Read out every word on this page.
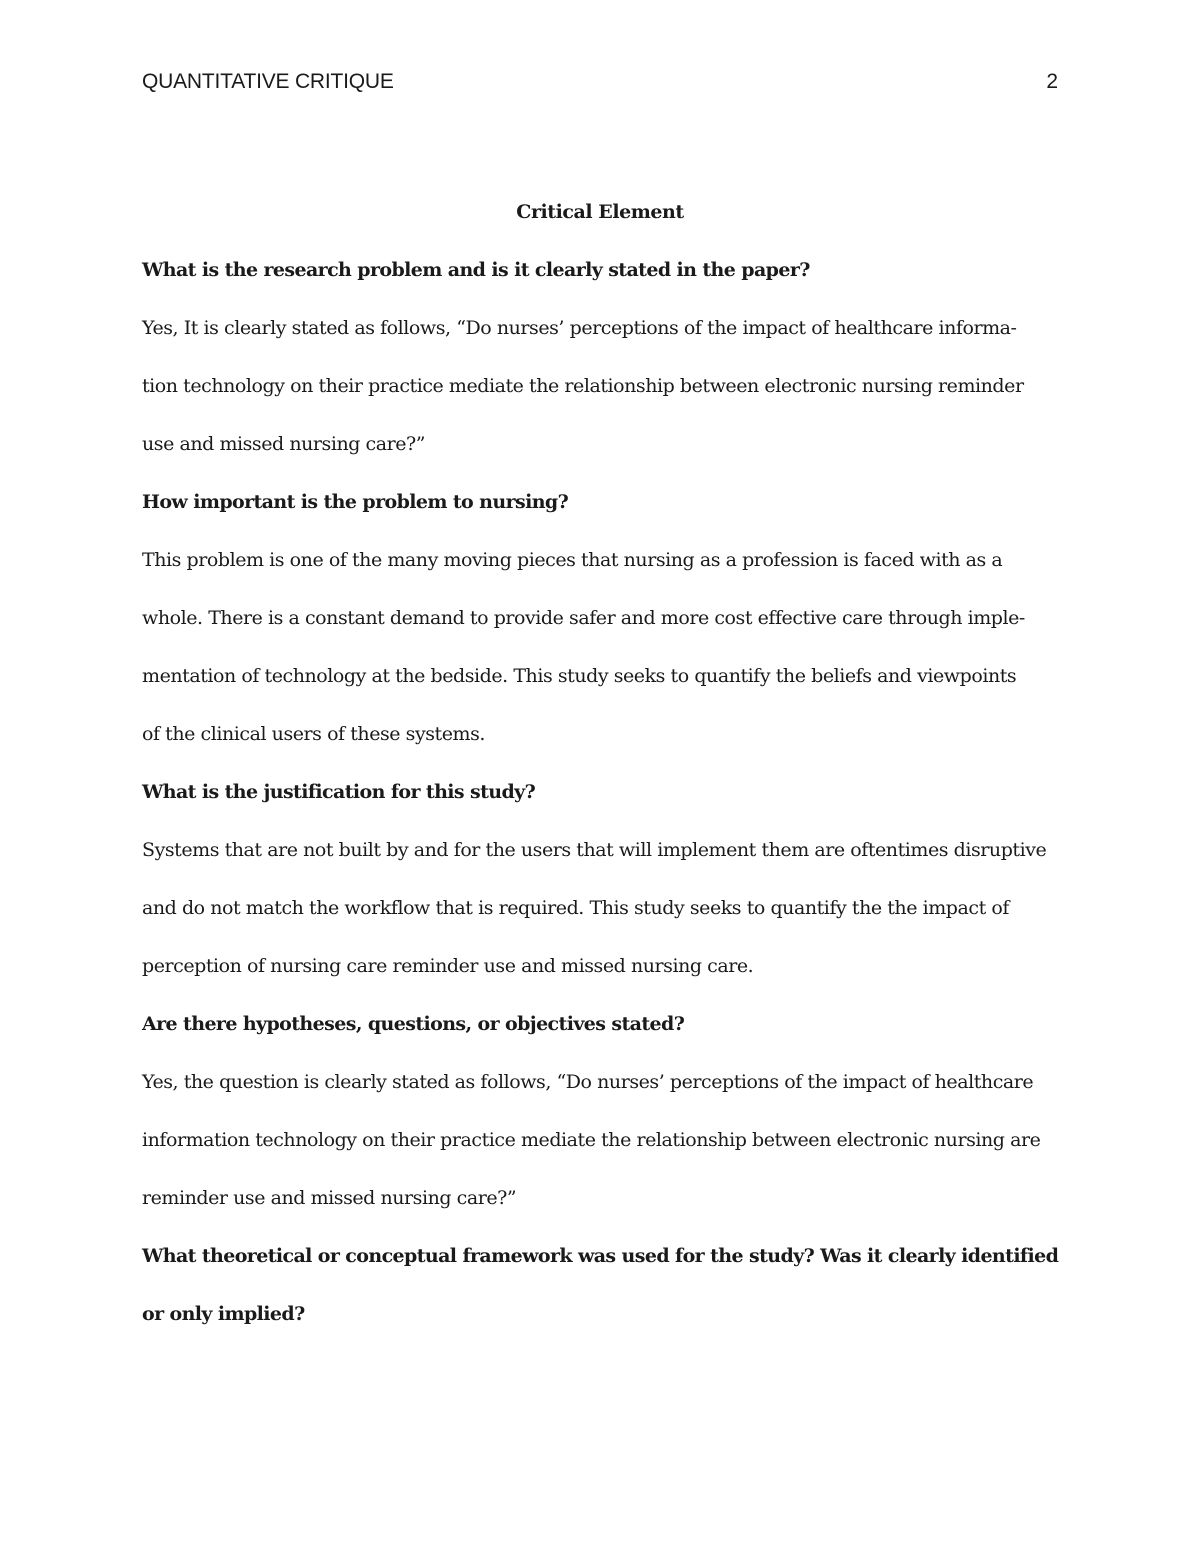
QUANTITATIVE CRITIQUE	2

Critical Element

What is the research problem and is it clearly stated in the paper?

Yes, It is clearly stated as follows, “Do nurses’ perceptions of the impact of healthcare informa-
tion technology on their practice mediate the relationship between electronic nursing reminder
use and missed nursing care?”

How important is the problem to nursing?

This problem is one of the many moving pieces that nursing as a profession is faced with as a
whole. There is a constant demand to provide safer and more cost effective care through imple-
mentation of technology at the bedside. This study seeks to quantify the beliefs and viewpoints
of the clinical users of these systems.

What is the justification for this study?

Systems that are not built by and for the users that will implement them are oftentimes disruptive
and do not match the workflow that is required. This study seeks to quantify the the impact of
perception of nursing care reminder use and missed nursing care.

Are there hypotheses, questions, or objectives stated?

Yes, the question is clearly stated as follows, “Do nurses’ perceptions of the impact of healthcare
information technology on their practice mediate the relationship between electronic nursing are
reminder use and missed nursing care?”
What theoretical or conceptual framework was used for the study? Was it clearly identified
or only implied?
